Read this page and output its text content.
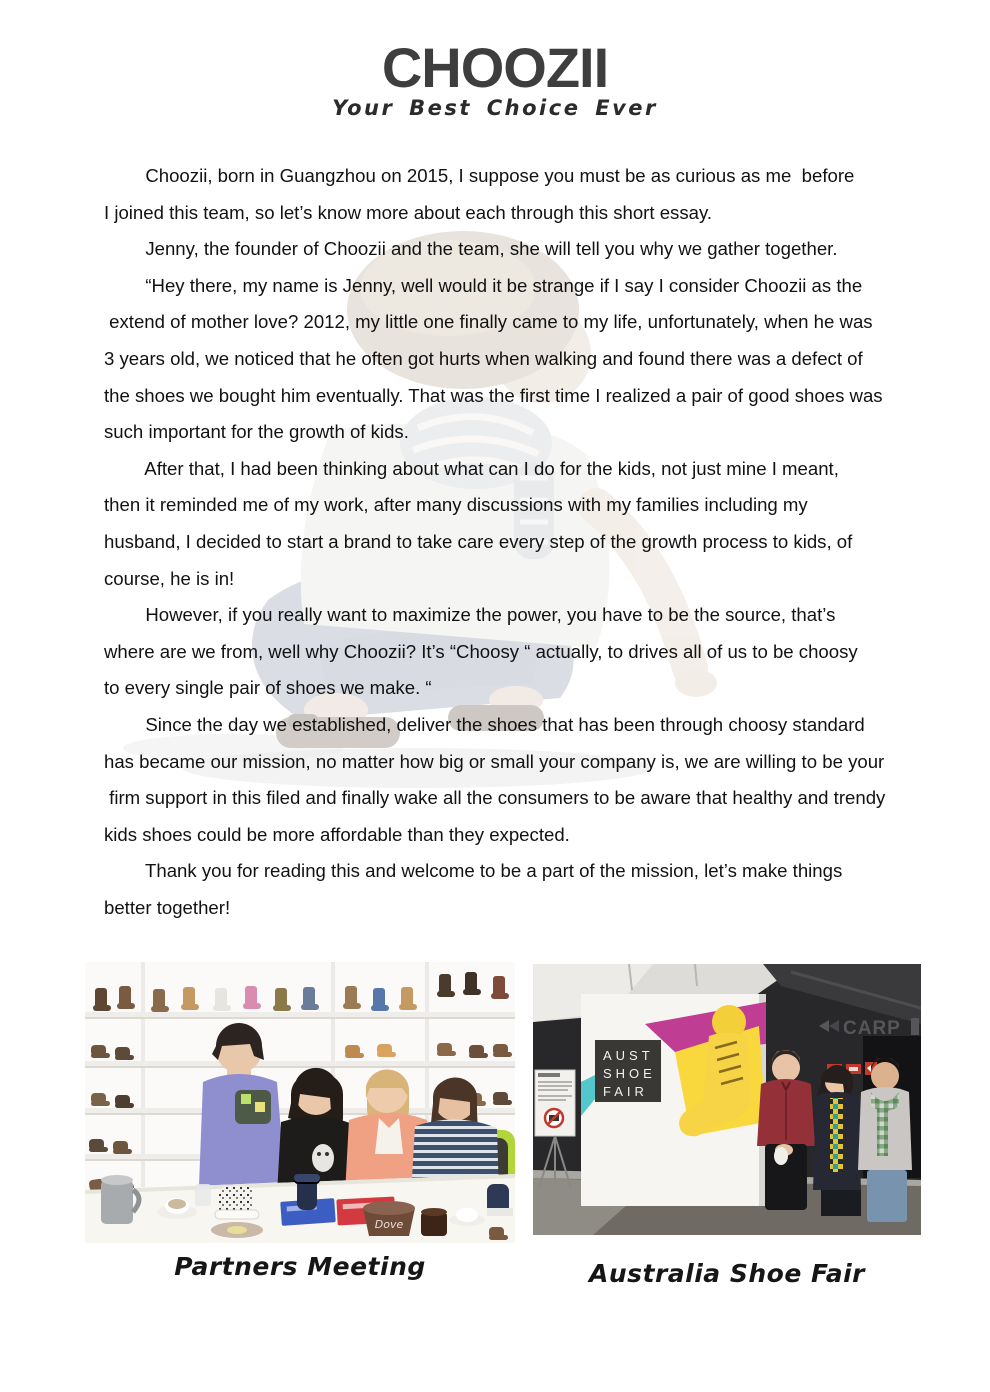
CHOOZII
Your Best Choice Ever
Choozii, born in Guangzhou on 2015, I suppose you must be as curious as me  before
I joined this team, so let’s know more about each through this short essay.
Jenny, the founder of Choozii and the team, she will tell you why we gather together.
“Hey there, my name is Jenny, well would it be strange if I say I consider Choozii as the
extend of mother love? 2012, my little one finally came to my life, unfortunately, when he was
3 years old, we noticed that he often got hurts when walking and found there was a defect of
the shoes we bought him eventually. That was the first time I realized a pair of good shoes was
such important for the growth of kids.
After that, I had been thinking about what can I do for the kids, not just mine I meant,
then it reminded me of my work, after many discussions with my families including my
husband, I decided to start a brand to take care every step of the growth process to kids, of
course, he is in!
However, if you really want to maximize the power, you have to be the source, that’s
where are we from, well why Choozii? It’s “Choosy “ actually, to drives all of us to be choosy
to every single pair of shoes we make. “
Since the day we established, deliver the shoes that has been through choosy standard
has became our mission, no matter how big or small your company is, we are willing to be your
firm support in this filed and finally wake all the consumers to be aware that healthy and trendy
kids shoes could be more affordable than they expected.
Thank you for reading this and welcome to be a part of the mission, let’s make things
better together!
Dove
Partners Meeting
CARP
AUST
SHOE
FAIR
Australia Shoe Fair
